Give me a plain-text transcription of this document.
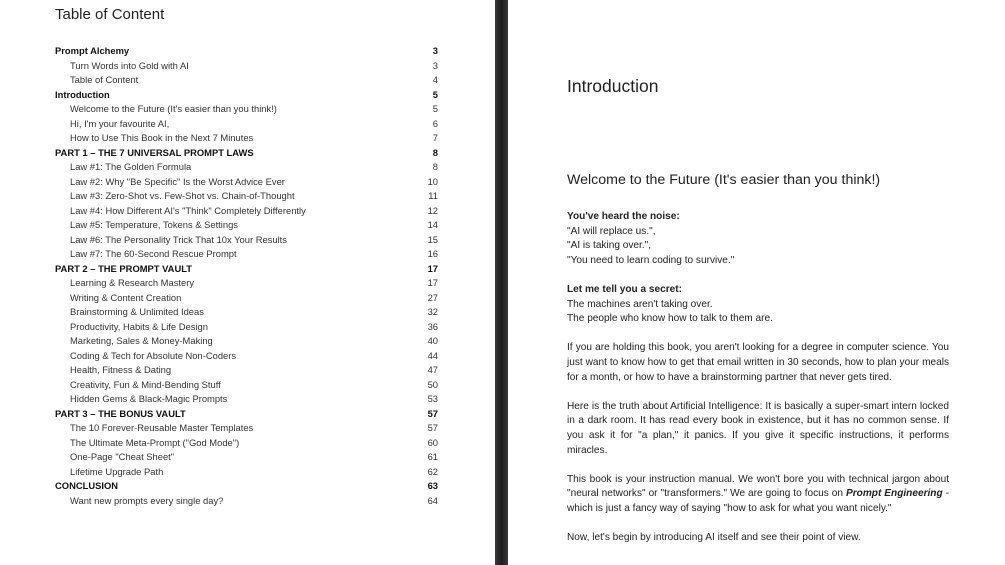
Table of Content
Prompt Alchemy	3
Turn Words into Gold with AI	3
Table of Content	4
Introduction	5
Welcome to the Future (It's easier than you think!)	5
Hi, I'm your favourite AI,	6
How to Use This Book in the Next 7 Minutes	7
PART 1 – THE 7 UNIVERSAL PROMPT LAWS	8
Law #1: The Golden Formula	8
Law #2: Why "Be Specific" Is the Worst Advice Ever	10
Law #3: Zero-Shot vs. Few-Shot vs. Chain-of-Thought	11
Law #4: How Different AI's "Think" Completely Differently	12
Law #5: Temperature, Tokens & Settings	14
Law #6: The Personality Trick That 10x Your Results	15
Law #7: The 60-Second Rescue Prompt	16
PART 2 – THE PROMPT VAULT	17
Learning & Research Mastery	17
Writing & Content Creation	27
Brainstorming & Unlimited Ideas	32
Productivity, Habits & Life Design	36
Marketing, Sales & Money-Making	40
Coding & Tech for Absolute Non-Coders	44
Health, Fitness & Dating	47
Creativity, Fun & Mind-Bending Stuff	50
Hidden Gems & Black-Magic Prompts	53
PART 3 – THE BONUS VAULT	57
The 10 Forever-Reusable Master Templates	57
The Ultimate Meta-Prompt ("God Mode")	60
One-Page "Cheat Sheet"	61
Lifetime Upgrade Path	62
CONCLUSION	63
Want new prompts every single day?	64
Introduction
Welcome to the Future (It's easier than you think!)

You've heard the noise:
"AI will replace us.",
"AI is taking over.",
"You need to learn coding to survive."

Let me tell you a secret:
The machines aren't taking over.
The people who know how to talk to them are.

If you are holding this book, you aren't looking for a degree in computer science. You just want to know how to get that email written in 30 seconds, how to plan your meals for a month, or how to have a brainstorming partner that never gets tired.

Here is the truth about Artificial Intelligence: It is basically a super-smart intern locked in a dark room. It has read every book in existence, but it has no common sense. If you ask it for "a plan," it panics. If you give it specific instructions, it performs miracles.

This book is your instruction manual. We won't bore you with technical jargon about "neural networks" or "transformers." We are going to focus on Prompt Engineering - which is just a fancy way of saying "how to ask for what you want nicely."

Now, let's begin by introducing AI itself and see their point of view.
